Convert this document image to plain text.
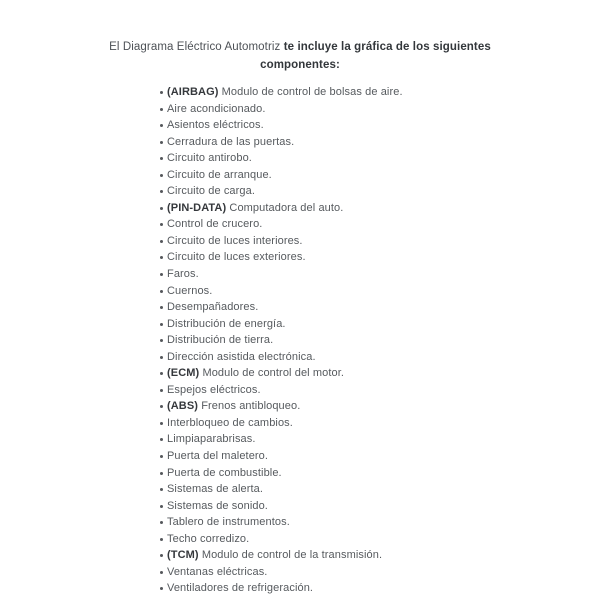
El Diagrama Eléctrico Automotriz te incluye la gráfica de los siguientes
componentes:
(AIRBAG) Modulo de control de bolsas de aire.
Aire acondicionado.
Asientos eléctricos.
Cerradura de las puertas.
Circuito antirobo.
Circuito de arranque.
Circuito de carga.
(PIN-DATA) Computadora del auto.
Control de crucero.
Circuito de luces interiores.
Circuito de luces exteriores.
Faros.
Cuernos.
Desempañadores.
Distribución de energía.
Distribución de tierra.
Dirección asistida electrónica.
(ECM) Modulo de control del motor.
Espejos eléctricos.
(ABS) Frenos antibloqueo.
Interbloqueo de cambios.
Limpiaparabrisas.
Puerta del maletero.
Puerta de combustible.
Sistemas de alerta.
Sistemas de sonido.
Tablero de instrumentos.
Techo corredizo.
(TCM) Modulo de control de la transmisión.
Ventanas eléctricas.
Ventiladores de refrigeración.
